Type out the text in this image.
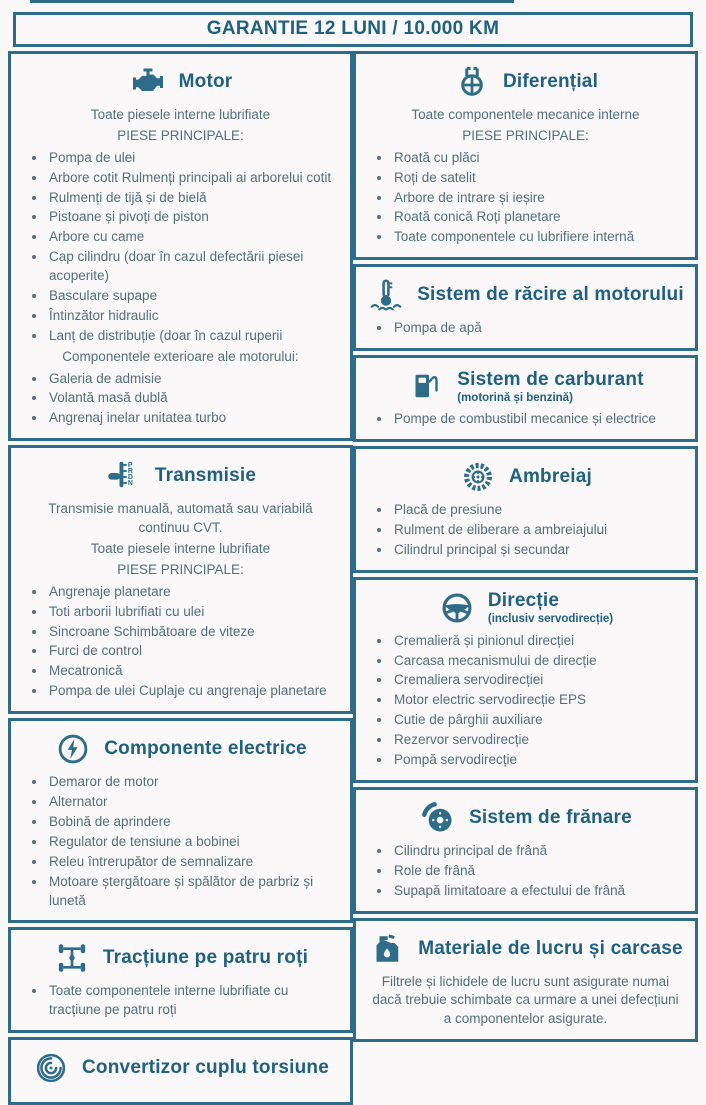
GARANTIE 12 LUNI / 10.000 KM
Motor
Toate piesele interne lubrifiate
PIESE PRINCIPALE:
• Pompa de ulei
• Arbore cotit Rulmenți principali ai arborelui cotit
• Rulmenți de tijă și de bielă
• Pistoane și pivoți de piston
• Arbore cu came
• Cap cilindru (doar în cazul defectării piesei acoperite)
• Basculare supape
• Întinzător hidraulic
• Lanț de distribuție (doar în cazul ruperii
Componentele exterioare ale motorului:
• Galeria de admisie
• Volantă masă dublă
• Angrenaj inelar unitatea turbo
P
R
D
N Transmisie
Transmisie manuală, automată sau variabilă continuu CVT.
Toate piesele interne lubrifiate
PIESE PRINCIPALE:
• Angrenaje planetare
• Toti arborii lubrifiati cu ulei
• Sincroane Schimbătoare de viteze
• Furci de control
• Mecatronică
• Pompa de ulei Cuplaje cu angrenaje planetare
Componente electrice
• Demaror de motor
• Alternator
• Bobină de aprindere
• Regulator de tensiune a bobinei
• Releu întrerupător de semnalizare
• Motoare ștergătoare și spălător de parbriz și lunetă
Tracțiune pe patru roți
• Toate componentele interne lubrifiate cu tracțiune pe patru roți
Convertizor cuplu torsiune
Diferențial
Toate componentele mecanice interne
PIESE PRINCIPALE:
• Roată cu plăci
• Roți de satelit
• Arbore de intrare și ieșire
• Roată conică Roți planetare
• Toate componentele cu lubrifiere internă
Sistem de răcire al motorului
• Pompa de apă
Sistem de carburant
(motorină și benzină)
• Pompe de combustibil mecanice și electrice
Ambreiaj
• Placă de presiune
• Rulment de eliberare a ambreiajului
• Cilindrul principal și secundar
Direcție
(inclusiv servodirecție)
• Cremalieră și pinionul direcției
• Carcasa mecanismului de direcție
• Cremaliera servodirecției
• Motor electric servodirecție EPS
• Cutie de pârghii auxiliare
• Rezervor servodirecție
• Pompă servodirecție
Sistem de frănare
• Cilindru principal de frână
• Role de frână
• Supapă limitatoare a efectului de frână
Materiale de lucru și carcase
Filtrele și lichidele de lucru sunt asigurate numai dacă trebuie schimbate ca urmare a unei defecțiuni a componentelor asigurate.
